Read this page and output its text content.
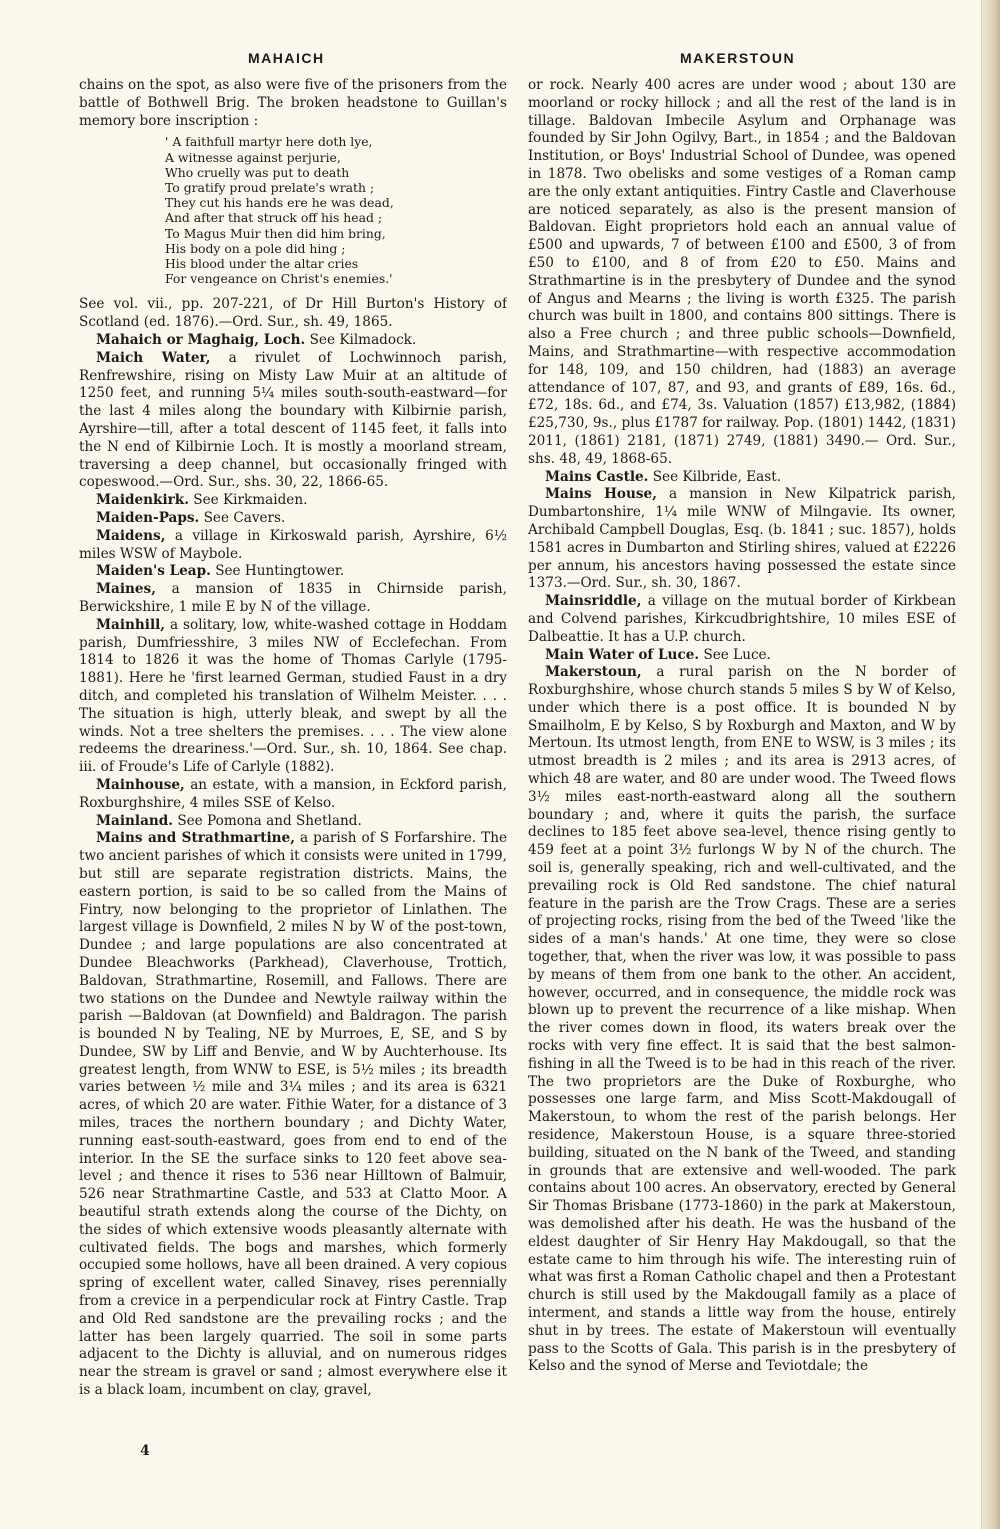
MAHAICH	MAKERSTOUN

chains on the spot, as also were five of the prisoners from the battle of Bothwell Brig. The broken headstone to Guillan's memory bore inscription :

' A faithfull martyr here doth lye,
A witnesse against perjurie,
Who cruelly was put to death
To gratify proud prelate's wrath ;
They cut his hands ere he was dead,
And after that struck off his head ;
To Magus Muir then did him bring,
His body on a pole did hing ;
His blood under the altar cries
For vengeance on Christ's enemies.'

See vol. vii., pp. 207-221, of Dr Hill Burton's History of Scotland (ed. 1876).—Ord. Sur., sh. 49, 1865.

Mahaich or Maghaig, Loch. See Kilmadock.

Maich Water, a rivulet of Lochwinnoch parish, Renfrewshire, rising on Misty Law Muir at an altitude of 1250 feet, and running 5¼ miles south-south-eastward—for the last 4 miles along the boundary with Kilbirnie parish, Ayrshire—till, after a total descent of 1145 feet, it falls into the N end of Kilbirnie Loch. It is mostly a moorland stream, traversing a deep channel, but occasionally fringed with copeswood.—Ord. Sur., shs. 30, 22, 1866-65.

Maidenkirk. See Kirkmaiden.

Maiden-Paps. See Cavers.

Maidens, a village in Kirkoswald parish, Ayrshire, 6½ miles WSW of Maybole.

Maiden's Leap. See Huntingtower.

Maines, a mansion of 1835 in Chirnside parish, Berwickshire, 1 mile E by N of the village.

Mainhill, a solitary, low, white-washed cottage in Hoddam parish, Dumfriesshire, 3 miles NW of Ecclefechan. From 1814 to 1826 it was the home of Thomas Carlyle (1795-1881). Here he 'first learned German, studied Faust in a dry ditch, and completed his translation of Wilhelm Meister. . . . The situation is high, utterly bleak, and swept by all the winds. Not a tree shelters the premises. . . . The view alone redeems the dreariness.'—Ord. Sur., sh. 10, 1864. See chap. iii. of Froude's Life of Carlyle (1882).

Mainhouse, an estate, with a mansion, in Eckford parish, Roxburghshire, 4 miles SSE of Kelso.

Mainland. See Pomona and Shetland.

Mains and Strathmartine, a parish of S Forfarshire. The two ancient parishes of which it consists were united in 1799, but still are separate registration districts. Mains, the eastern portion, is said to be so called from the Mains of Fintry, now belonging to the proprietor of Linlathen. The largest village is Downfield, 2 miles N by W of the post-town, Dundee ; and large populations are also concentrated at Dundee Bleachworks (Parkhead), Claverhouse, Trottich, Baldovan, Strathmartine, Rosemill, and Fallows. There are two stations on the Dundee and Newtyle railway within the parish —Baldovan (at Downfield) and Baldragon. The parish is bounded N by Tealing, NE by Murroes, E, SE, and S by Dundee, SW by Liff and Benvie, and W by Auchterhouse. Its greatest length, from WNW to ESE, is 5½ miles ; its breadth varies between ½ mile and 3¼ miles ; and its area is 6321 acres, of which 20 are water. Fithie Water, for a distance of 3 miles, traces the northern boundary ; and Dichty Water, running east-south-eastward, goes from end to end of the interior. In the SE the surface sinks to 120 feet above sea-level ; and thence it rises to 536 near Hilltown of Balmuir, 526 near Strathmartine Castle, and 533 at Clatto Moor. A beautiful strath extends along the course of the Dichty, on the sides of which extensive woods pleasantly alternate with cultivated fields. The bogs and marshes, which formerly occupied some hollows, have all been drained. A very copious spring of excellent water, called Sinavey, rises perennially from a crevice in a perpendicular rock at Fintry Castle. Trap and Old Red sandstone are the prevailing rocks ; and the latter has been largely quarried. The soil in some parts adjacent to the Dichty is alluvial, and on numerous ridges near the stream is gravel or sand ; almost everywhere else it is a black loam, incumbent on clay, gravel,

or rock. Nearly 400 acres are under wood ; about 130 are moorland or rocky hillock ; and all the rest of the land is in tillage. Baldovan Imbecile Asylum and Orphanage was founded by Sir John Ogilvy, Bart., in 1854 ; and the Baldovan Institution, or Boys' Industrial School of Dundee, was opened in 1878. Two obelisks and some vestiges of a Roman camp are the only extant antiquities. Fintry Castle and Claverhouse are noticed separately, as also is the present mansion of Baldovan. Eight proprietors hold each an annual value of £500 and upwards, 7 of between £100 and £500, 3 of from £50 to £100, and 8 of from £20 to £50. Mains and Strathmartine is in the presbytery of Dundee and the synod of Angus and Mearns ; the living is worth £325. The parish church was built in 1800, and contains 800 sittings. There is also a Free church ; and three public schools—Downfield, Mains, and Strathmartine—with respective accommodation for 148, 109, and 150 children, had (1883) an average attendance of 107, 87, and 93, and grants of £89, 16s. 6d., £72, 18s. 6d., and £74, 3s. Valuation (1857) £13,982, (1884) £25,730, 9s., plus £1787 for railway. Pop. (1801) 1442, (1831) 2011, (1861) 2181, (1871) 2749, (1881) 3490.— Ord. Sur., shs. 48, 49, 1868-65.

Mains Castle. See Kilbride, East.

Mains House, a mansion in New Kilpatrick parish, Dumbartonshire, 1¼ mile WNW of Milngavie. Its owner, Archibald Campbell Douglas, Esq. (b. 1841 ; suc. 1857), holds 1581 acres in Dumbarton and Stirling shires, valued at £2226 per annum, his ancestors having possessed the estate since 1373.—Ord. Sur., sh. 30, 1867.

Mainsriddle, a village on the mutual border of Kirkbean and Colvend parishes, Kirkcudbrightshire, 10 miles ESE of Dalbeattie. It has a U.P. church.

Main Water of Luce. See Luce.

Makerstoun, a rural parish on the N border of Roxburghshire, whose church stands 5 miles S by W of Kelso, under which there is a post office. It is bounded N by Smailholm, E by Kelso, S by Roxburgh and Maxton, and W by Mertoun. Its utmost length, from ENE to WSW, is 3 miles ; its utmost breadth is 2 miles ; and its area is 2913 acres, of which 48 are water, and 80 are under wood. The Tweed flows 3½ miles east-north-eastward along all the southern boundary ; and, where it quits the parish, the surface declines to 185 feet above sea-level, thence rising gently to 459 feet at a point 3½ furlongs W by N of the church. The soil is, generally speaking, rich and well-cultivated, and the prevailing rock is Old Red sandstone. The chief natural feature in the parish are the Trow Crags. These are a series of projecting rocks, rising from the bed of the Tweed 'like the sides of a man's hands.' At one time, they were so close together, that, when the river was low, it was possible to pass by means of them from one bank to the other. An accident, however, occurred, and in consequence, the middle rock was blown up to prevent the recurrence of a like mishap. When the river comes down in flood, its waters break over the rocks with very fine effect. It is said that the best salmon-fishing in all the Tweed is to be had in this reach of the river. The two proprietors are the Duke of Roxburghe, who possesses one large farm, and Miss Scott-Makdougall of Makerstoun, to whom the rest of the parish belongs. Her residence, Makerstoun House, is a square three-storied building, situated on the N bank of the Tweed, and standing in grounds that are extensive and well-wooded. The park contains about 100 acres. An observatory, erected by General Sir Thomas Brisbane (1773-1860) in the park at Makerstoun, was demolished after his death. He was the husband of the eldest daughter of Sir Henry Hay Makdougall, so that the estate came to him through his wife. The interesting ruin of what was first a Roman Catholic chapel and then a Protestant church is still used by the Makdougall family as a place of interment, and stands a little way from the house, entirely shut in by trees. The estate of Makerstoun will eventually pass to the Scotts of Gala. This parish is in the presbytery of Kelso and the synod of Merse and Teviotdale; the

4
